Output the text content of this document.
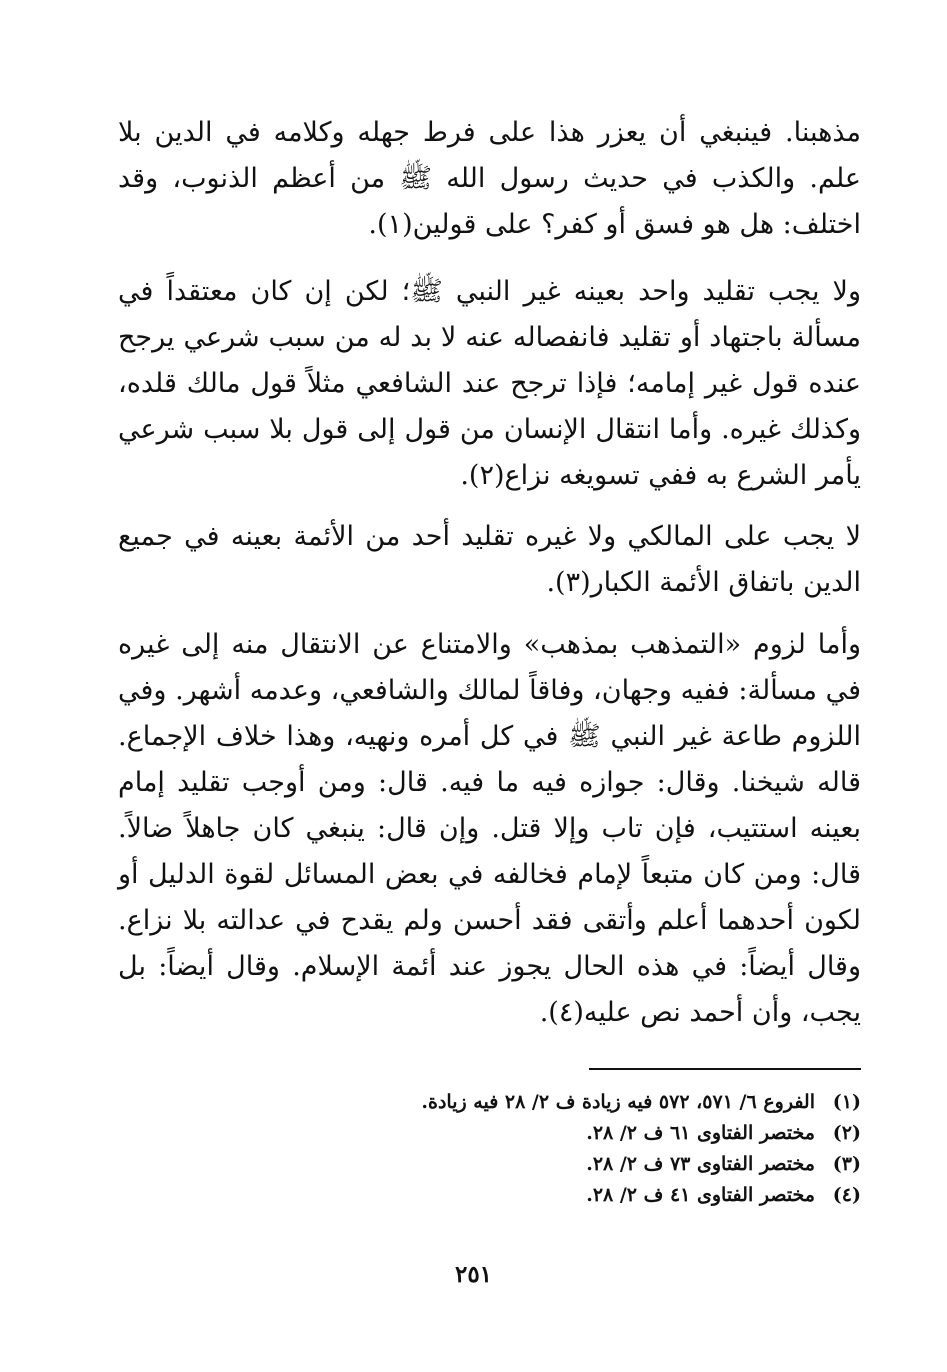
مذهبنا. فينبغي أن يعزر هذا على فرط جهله وكلامه في الدين بلا علم. والكذب في حديث رسول الله ﷺ من أعظم الذنوب، وقد اختلف: هل هو فسق أو كفر؟ على قولين(١).

ولا يجب تقليد واحد بعينه غير النبي ﷺ؛ لكن إن كان معتقداً في مسألة باجتهاد أو تقليد فانفصاله عنه لا بد له من سبب شرعي يرجح عنده قول غير إمامه؛ فإذا ترجح عند الشافعي مثلاً قول مالك قلده، وكذلك غيره. وأما انتقال الإنسان من قول إلى قول بلا سبب شرعي يأمر الشرع به ففي تسويغه نزاع(٢).

لا يجب على المالكي ولا غيره تقليد أحد من الأئمة بعينه في جميع الدين باتفاق الأئمة الكبار(٣).

وأما لزوم «التمذهب بمذهب» والامتناع عن الانتقال منه إلى غيره في مسألة: ففيه وجهان، وفاقاً لمالك والشافعي، وعدمه أشهر. وفي اللزوم طاعة غير النبي ﷺ في كل أمره ونهيه، وهذا خلاف الإجماع. قاله شيخنا. وقال: جوازه فيه ما فيه. قال: ومن أوجب تقليد إمام بعينه استتيب، فإن تاب وإلا قتل. وإن قال: ينبغي كان جاهلاً ضالاً. قال: ومن كان متبعاً لإمام فخالفه في بعض المسائل لقوة الدليل أو لكون أحدهما أعلم وأتقى فقد أحسن ولم يقدح في عدالته بلا نزاع. وقال أيضاً: في هذه الحال يجوز عند أئمة الإسلام. وقال أيضاً: بل يجب، وأن أحمد نص عليه(٤).

(١)الفروع ٦/ ٥٧١، ٥٧٢ فيه زيادة ف ٢/ ٢٨ فيه زيادة.
(٢)مختصر الفتاوى ٦١ ف ٢/ ٢٨.
(٣)مختصر الفتاوى ٧٣ ف ٢/ ٢٨.
(٤)مختصر الفتاوى ٤١ ف ٢/ ٢٨.
٢٥١
